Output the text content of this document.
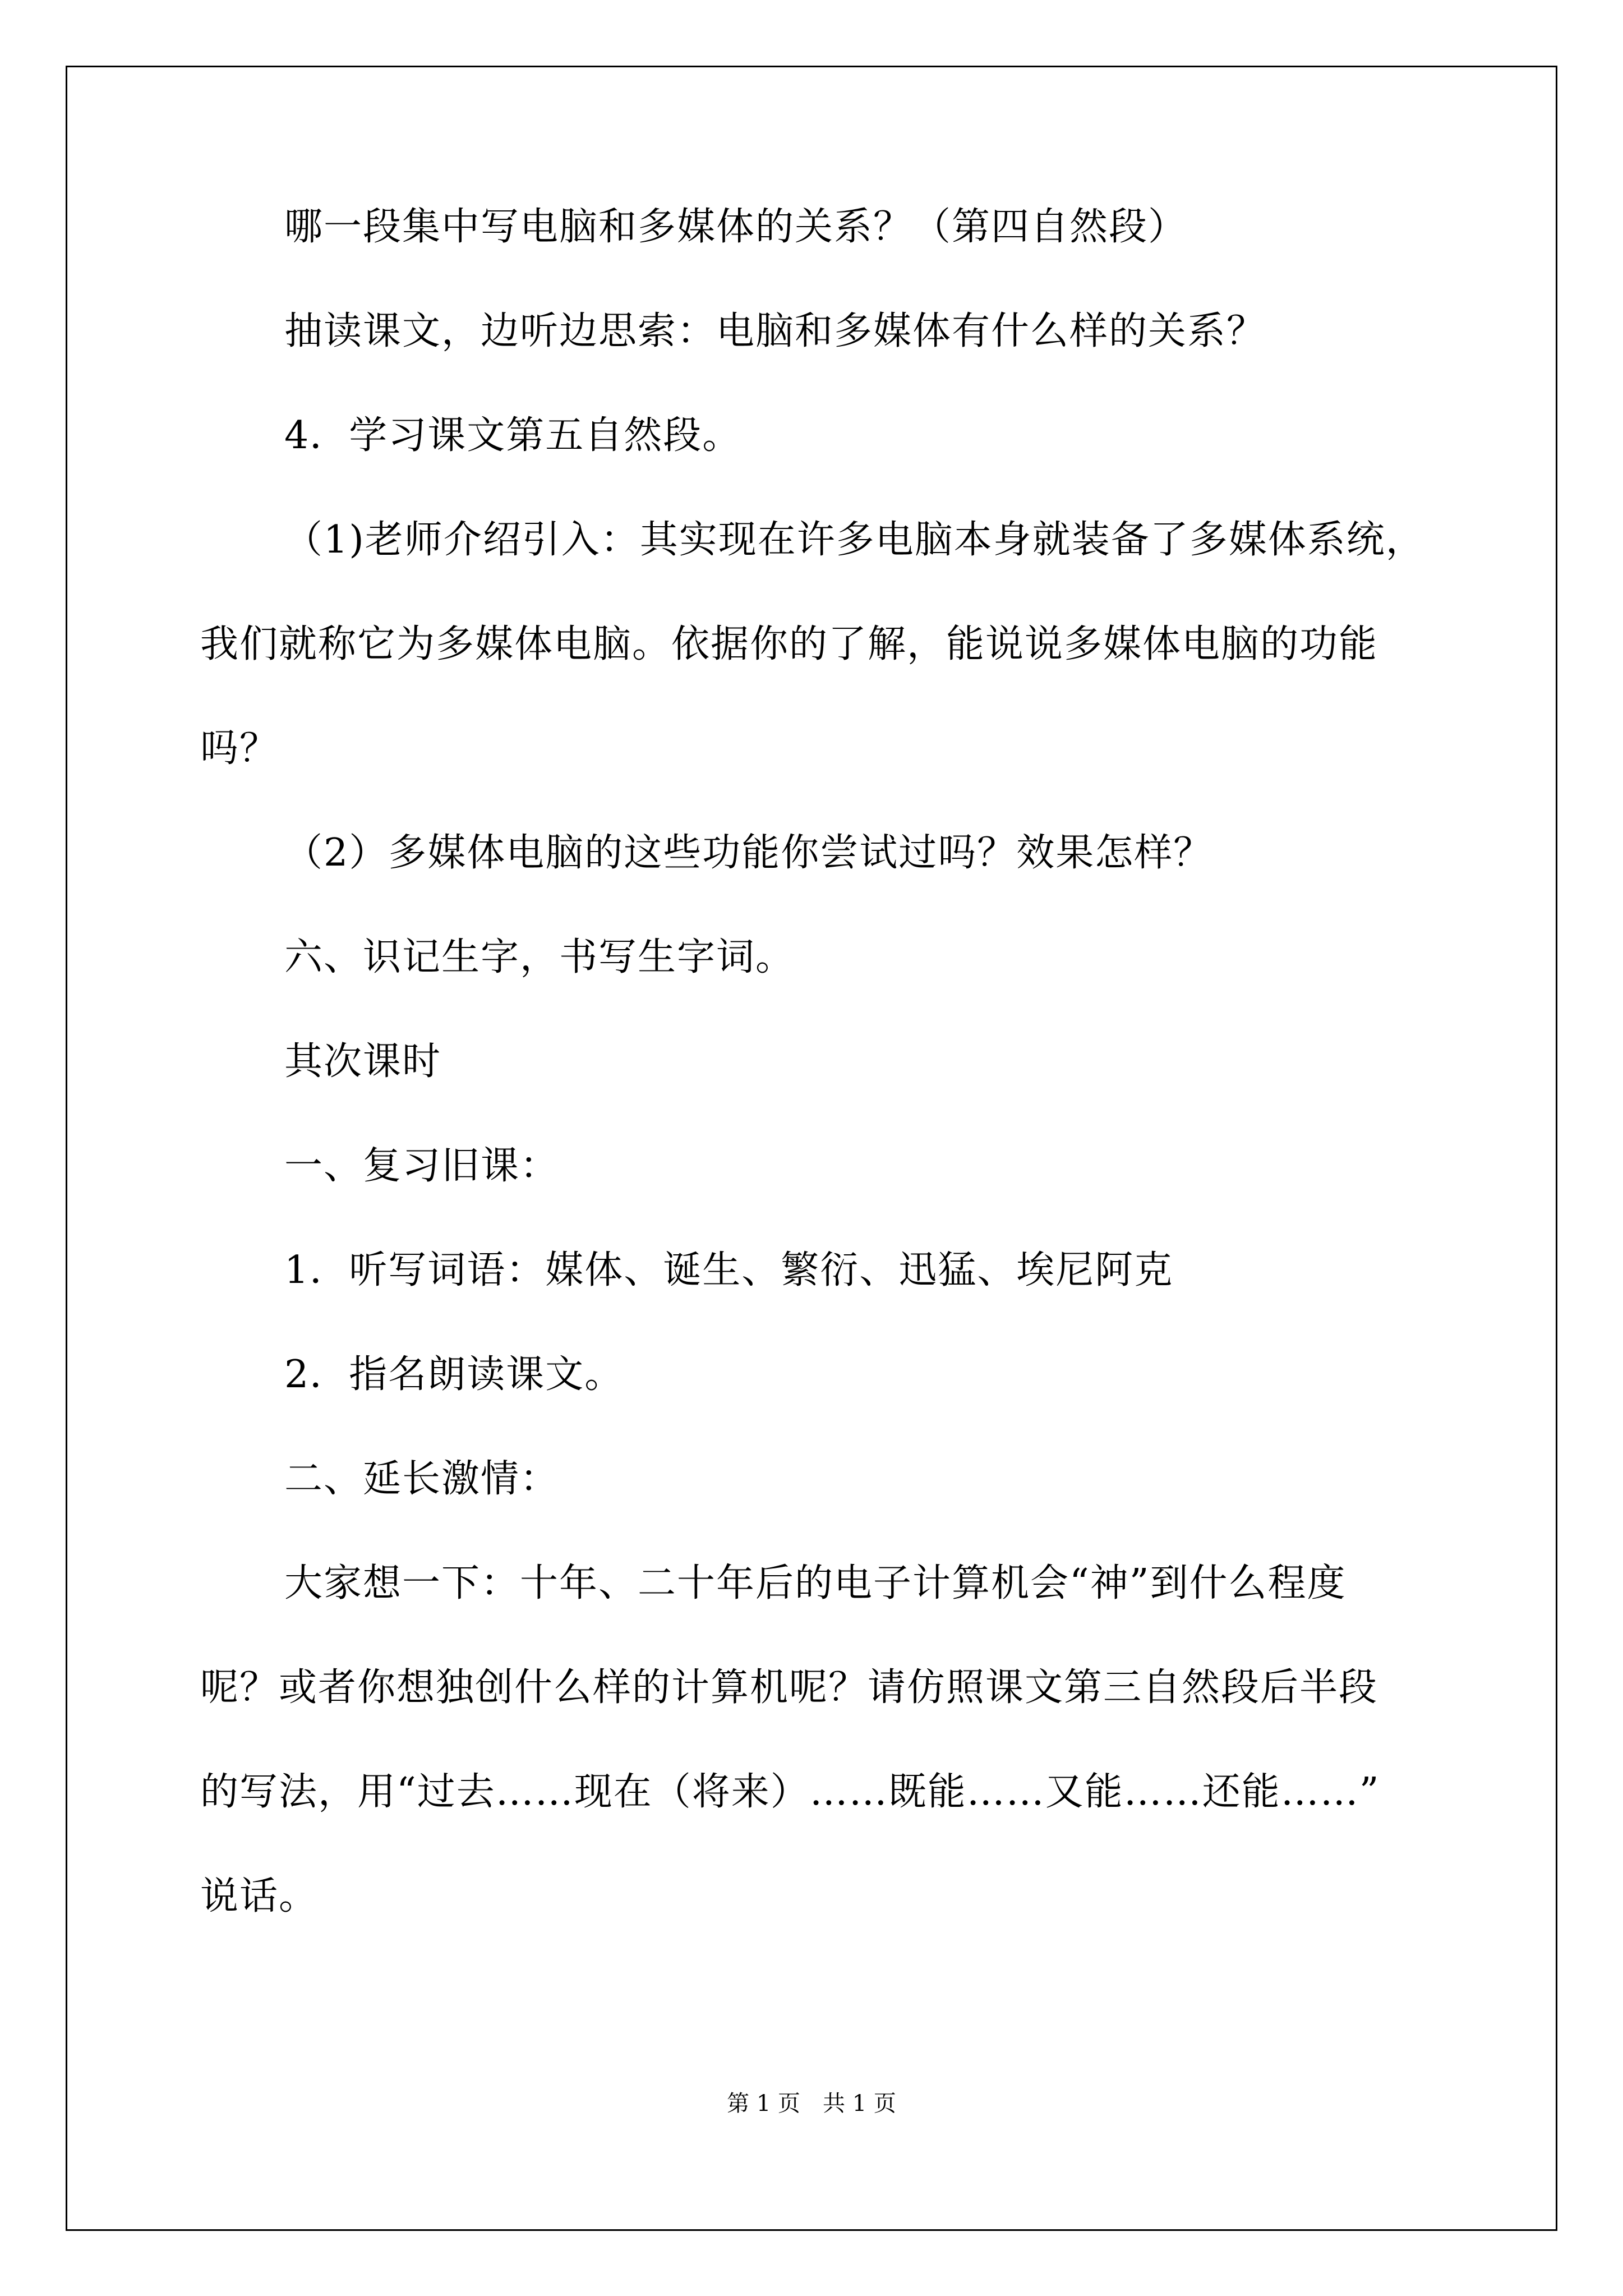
哪一段集中写电脑和多媒体的关系？（第四自然段）
抽读课文，边听边思索：电脑和多媒体有什么样的关系？
4．学习课文第五自然段。
（1)老师介绍引入：其实现在许多电脑本身就装备了多媒体系统，
我们就称它为多媒体电脑。依据你的了解，能说说多媒体电脑的功能
吗？
（2）多媒体电脑的这些功能你尝试过吗？效果怎样？
六、识记生字，书写生字词。
其次课时
一、复习旧课：
1．听写词语：媒体、诞生、繁衍、迅猛、埃尼阿克
2．指名朗读课文。
二、延长激情：
大家想一下：十年、二十年后的电子计算机会“神”到什么程度
呢？或者你想独创什么样的计算机呢？请仿照课文第三自然段后半段
的写法，用“过去……现在（将来）……既能……又能……还能……”
说话。
第 1 页　共 1 页
